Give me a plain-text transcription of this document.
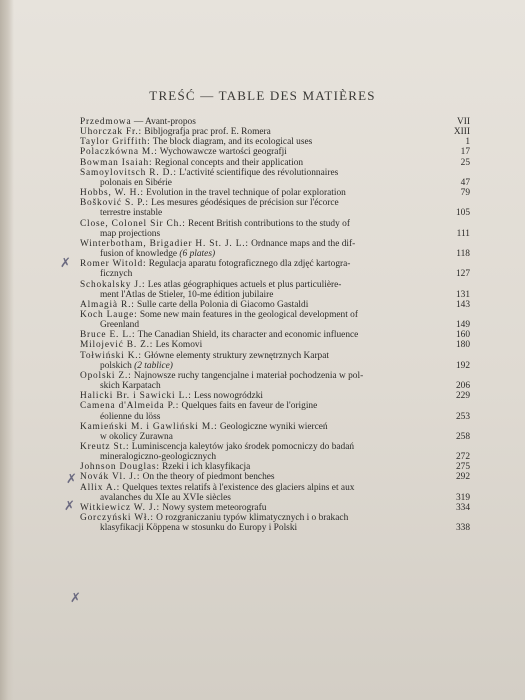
TREŚĆ — TABLE DES MATIÈRES
Przedmowa — Avant-propos	VII
Uhorczak Fr.: Bibljografja prac prof. E. Romera	XIII
Taylor Griffith: The block diagram, and its ecological uses	1
Polaczkówna M.: Wychowawcze wartości geografji	17
Bowman Isaiah: Regional concepts and their application	25
Samoylovitsch R. D.: L'activité scientifique des révolutionnaires
polonais en Sibérie	47
Hobbs, W. H.: Evolution in the travel technique of polar exploration	79
Bošković S. P.: Les mesures géodésiques de précision sur l'écorce
terrestre instable	105
Close, Colonel Sir Ch.: Recent British contributions to the study of
map projections	111
Winterbotham, Brigadier H. St. J. L.: Ordnance maps and the dif-
fusion of knowledge (6 plates)	118
Romer Witold: Regulacja aparatu fotograficznego dla zdjęć kartogra-
ficznych	127
Schokalsky J.: Les atlas géographiques actuels et plus particulière-
ment l'Atlas de Stieler, 10-me édition jubilaire	131
Almagià R.: Sulle carte della Polonia di Giacomo Gastaldi	143
Koch Lauge: Some new main features in the geological development of
Greenland	149
Bruce E. L.: The Canadian Shield, its character and economic influence	160
Milojević B. Ž.: Les Komovi	180
Tołwiński K.: Główne elementy struktury zewnętrznych Karpat
polskich (2 tablice)	192
Opolski Z.: Najnowsze ruchy tangencjalne i materiał pochodzenia w pol-
skich Karpatach	206
Halicki Br. i Sawicki L.: Less nowogródzki	229
Camena d'Almeida P.: Quelques faits en faveur de l'origine
éolienne du löss	253
Kamieński M. i Gawliński M.: Geologiczne wyniki wierceń
w okolicy Żurawna	258
Kreutz St.: Luminiscencja kaleytów jako środek pomocniczy do badań
mineralogiczno-geologicznych	272
Johnson Douglas: Rzeki i ich klasyfikacja	275
Novák Vl. J.: On the theory of piedmont benches	292
Allix A.: Quelques textes relatifs à l'existence des glaciers alpins et aux
avalanches du XIe au XVIe siècles	319
Witkiewicz W. J.: Nowy system meteorografu	334
Gorczyński Wł.: O rozgraniczaniu typów klimatycznych i o brakach
klasyfikacji Köppena w stosunku do Europy i Polski	338
✗
✗
✗
✗
